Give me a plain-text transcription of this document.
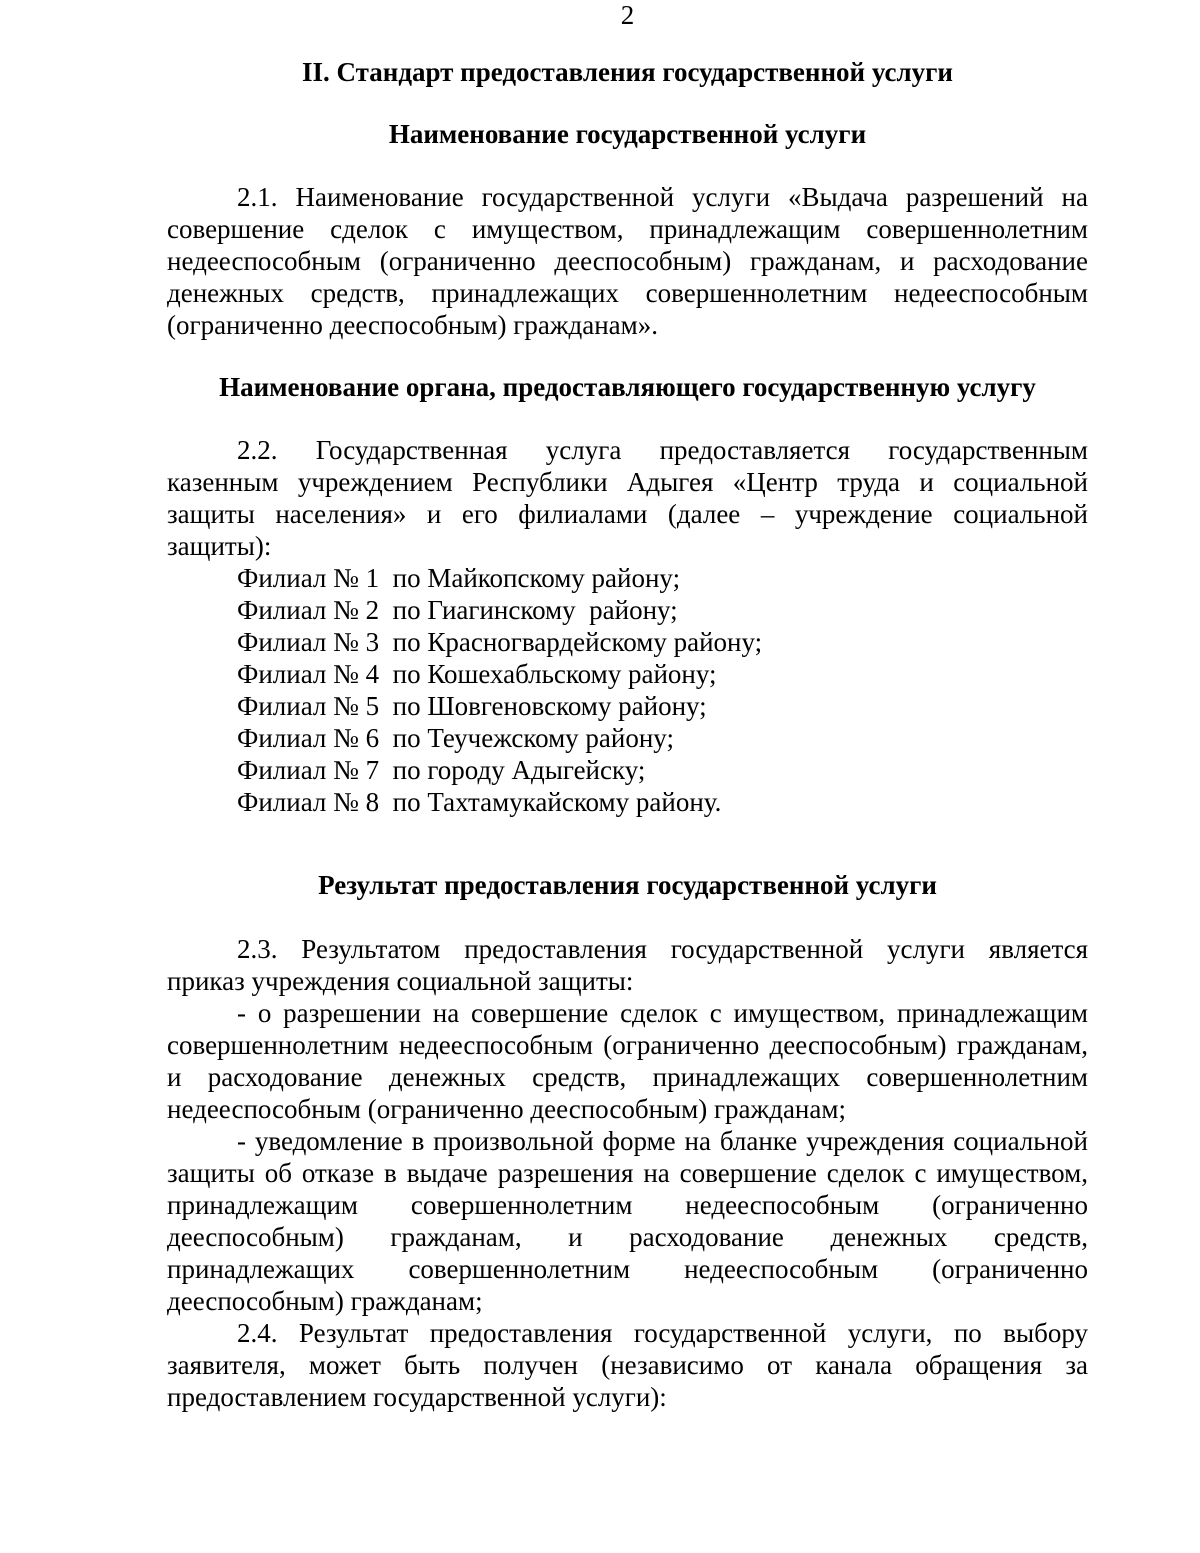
2
II. Стандарт предоставления государственной услуги
Наименование государственной услуги
2.1. Наименование государственной услуги «Выдача разрешений на
совершение сделок с имуществом, принадлежащим совершеннолетним
недееспособным (ограниченно дееспособным) гражданам, и расходование
денежных средств, принадлежащих совершеннолетним недееспособным
(ограниченно дееспособным) гражданам».
Наименование органа, предоставляющего государственную услугу
2.2. Государственная услуга предоставляется государственным
казенным учреждением Республики Адыгея «Центр труда и социальной
защиты населения» и его филиалами (далее – учреждение социальной
защиты):
Филиал № 1  по Майкопскому району;
Филиал № 2  по Гиагинскому  району;
Филиал № 3  по Красногвардейскому району;
Филиал № 4  по Кошехабльскому району;
Филиал № 5  по Шовгеновскому району;
Филиал № 6  по Теучежскому району;
Филиал № 7  по городу Адыгейску;
Филиал № 8  по Тахтамукайскому району.
Результат предоставления государственной услуги
2.3. Результатом предоставления государственной услуги является
приказ учреждения социальной защиты:
- о разрешении на совершение сделок с имуществом, принадлежащим
совершеннолетним недееспособным (ограниченно дееспособным) гражданам,
и расходование денежных средств, принадлежащих совершеннолетним
недееспособным (ограниченно дееспособным) гражданам;
- уведомление в произвольной форме на бланке учреждения социальной
защиты об отказе в выдаче разрешения на совершение сделок с имуществом,
принадлежащим совершеннолетним недееспособным (ограниченно
дееспособным) гражданам, и расходование денежных средств,
принадлежащих совершеннолетним недееспособным (ограниченно
дееспособным) гражданам;
2.4. Результат предоставления государственной услуги, по выбору
заявителя, может быть получен (независимо от канала обращения за
предоставлением государственной услуги):
